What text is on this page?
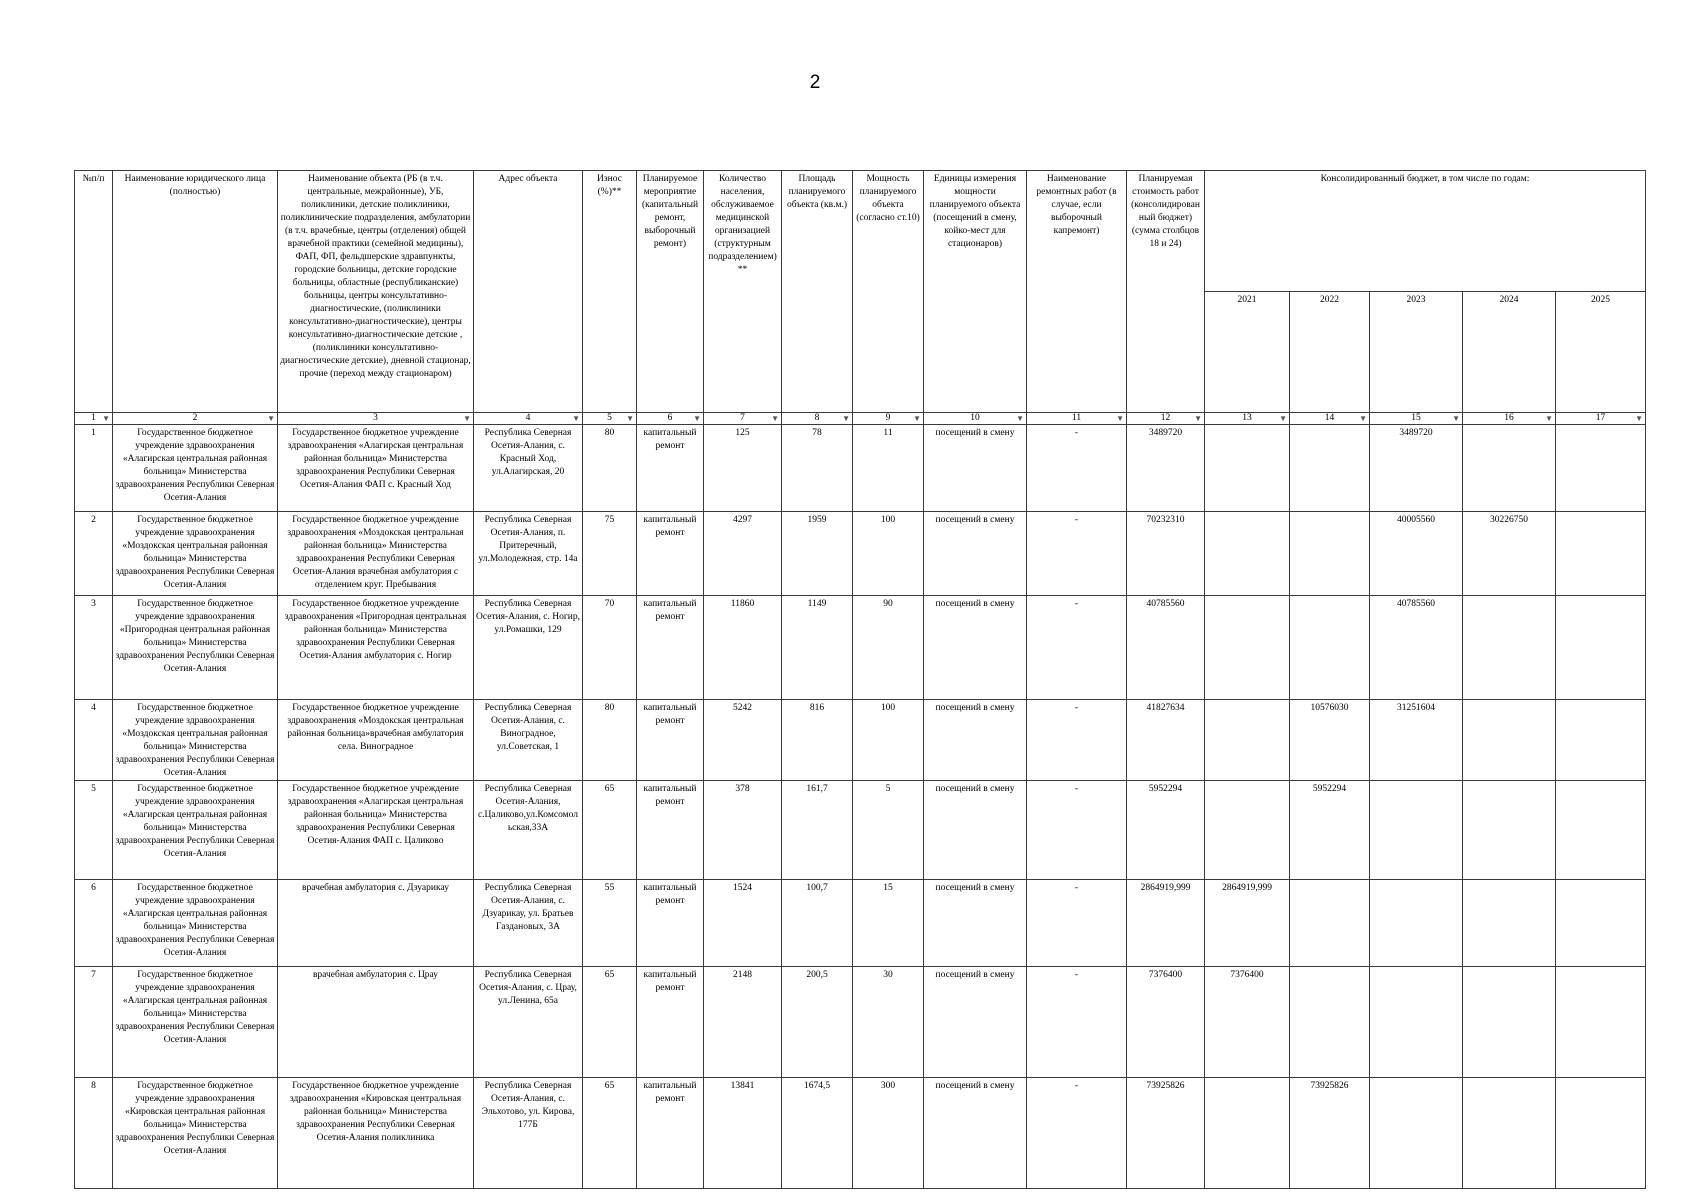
2
№п/п	Наименование юридического лица (полностью)	Наименование объекта (РБ (в т.ч. центральные, межрайонные), УБ, поликлиники, детские поликлиники, поликлинические подразделения, амбулатории (в т.ч. врачебные, центры (отделения) общей врачебной практики (семейной медицины), ФАП, ФП, фельдшерские здравпункты, городские больницы, детские городские больницы, областные (республиканские) больницы, центры консультативно-диагностические, (поликлиники консультативно-диагностические), центры консультативно-диагностические детские , (поликлиники консультативно-диагностические детские), дневной стационар, прочие (переход между стационаром)	Адрес объекта	Износ (%)**	Планируемое мероприятие (капитальный ремонт, выборочный ремонт)	Количество населения, обслуживаемое медицинской организацией (структурным подразделением)**	Площадь планируемого объекта (кв.м.)	Мощность планируемого объекта (согласно ст.10)	Единицы измерения мощности планируемого объекта (посещений в смену, койко-мест для стационаров)	Наименование ремонтных работ (в случае, если выборочный капремонт)	Планируемая стоимость работ (консолидированный бюджет) (сумма столбцов 18 и 24)	Консолидированный бюджет, в том числе по годам:				
												2021	2022	2023	2024	2025
1 ▼	2 ▼	3 ▼	4 ▼	5 ▼	6 ▼	7 ▼	8 ▼	9 ▼	10 ▼	11 ▼	12 ▼	13 ▼	14 ▼	15 ▼	16 ▼	17 ▼

1	Государственное бюджетное учреждение здравоохранения «Алагирская центральная районная больница» Министерства здравоохранения Республики Северная Осетия-Алания	Государственное бюджетное учреждение здравоохранения «Алагирская центральная районная больница» Министерства здравоохранения Республики Северная Осетия-Алания ФАП с. Красный Ход	Республика Северная Осетия-Алания, с. Красный Ход, ул.Алагирская, 20	80	капитальный ремонт	125	78	11	посещений в смену	-	3489720			3489720		
2	Государственное бюджетное учреждение здравоохранения «Моздокская центральная районная больница» Министерства здравоохранения Республики Северная Осетия-Алания	Государственное бюджетное учреждение здравоохранения «Моздокская центральная районная больница» Министерства здравоохранения Республики Северная Осетия-Алания врачебная амбулатория с отделением круг. Пребывания	Республика Северная Осетия-Алания, п. Притеречный, ул.Молодежная, стр. 14а	75	капитальный ремонт	4297	1959	100	посещений в смену	-	70232310			40005560	30226750	
3	Государственное бюджетное учреждение здравоохранения «Пригородная центральная районная больница» Министерства здравоохранения Республики Северная Осетия-Алания	Государственное бюджетное учреждение здравоохранения «Пригородная центральная районная больница» Министерства здравоохранения Республики Северная Осетия-Алания амбулатория с. Ногир	Республика Северная Осетия-Алания, с. Ногир, ул.Ромашки, 129	70	капитальный ремонт	11860	1149	90	посещений в смену	-	40785560			40785560		
4	Государственное бюджетное учреждение здравоохранения «Моздокская центральная районная больница» Министерства здравоохранения Республики Северная Осетия-Алания	Государственное бюджетное учреждение здравоохранения «Моздокская центральная районная больница»врачебная амбулатория села. Виноградное	Республика Северная Осетия-Алания, с. Виноградное, ул.Советская, 1	80	капитальный ремонт	5242	816	100	посещений в смену	-	41827634		10576030	31251604		
5	Государственное бюджетное учреждение здравоохранения «Алагирская центральная районная больница» Министерства здравоохранения Республики Северная Осетия-Алания	Государственное бюджетное учреждение здравоохранения «Алагирская центральная районная больница» Министерства здравоохранения Республики Северная Осетия-Алания ФАП с. Цаликово	Республика Северная Осетия-Алания, с.Цаликово,ул.Комсомольская,33А	65	капитальный ремонт	378	161,7	5	посещений в смену	-	5952294		5952294			
6	Государственное бюджетное учреждение здравоохранения «Алагирская центральная районная больница» Министерства здравоохранения Республики Северная Осетия-Алания	врачебная амбулатория с. Дзуарикау	Республика Северная Осетия-Алания, с. Дзуарикау, ул. Братьев Газдановых, 3А	55	капитальный ремонт	1524	100,7	15	посещений в смену	-	2864919,999	2864919,999				
7	Государственное бюджетное учреждение здравоохранения «Алагирская центральная районная больница» Министерства здравоохранения Республики Северная Осетия-Алания	врачебная амбулатория с. Црау	Республика Северная Осетия-Алания, с. Црау, ул.Ленина, 65а	65	капитальный ремонт	2148	200,5	30	посещений в смену	-	7376400	7376400				
8	Государственное бюджетное учреждение здравоохранения «Кировская центральная районная больница» Министерства здравоохранения Республики Северная Осетия-Алания	Государственное бюджетное учреждение здравоохранения «Кировская центральная районная больница» Министерства здравоохранения Республики Северная Осетия-Алания поликлиника	Республика Северная Осетия-Алания, с. Эльхотово, ул. Кирова, 177Б	65	капитальный ремонт	13841	1674,5	300	посещений в смену	-	73925826		73925826			
